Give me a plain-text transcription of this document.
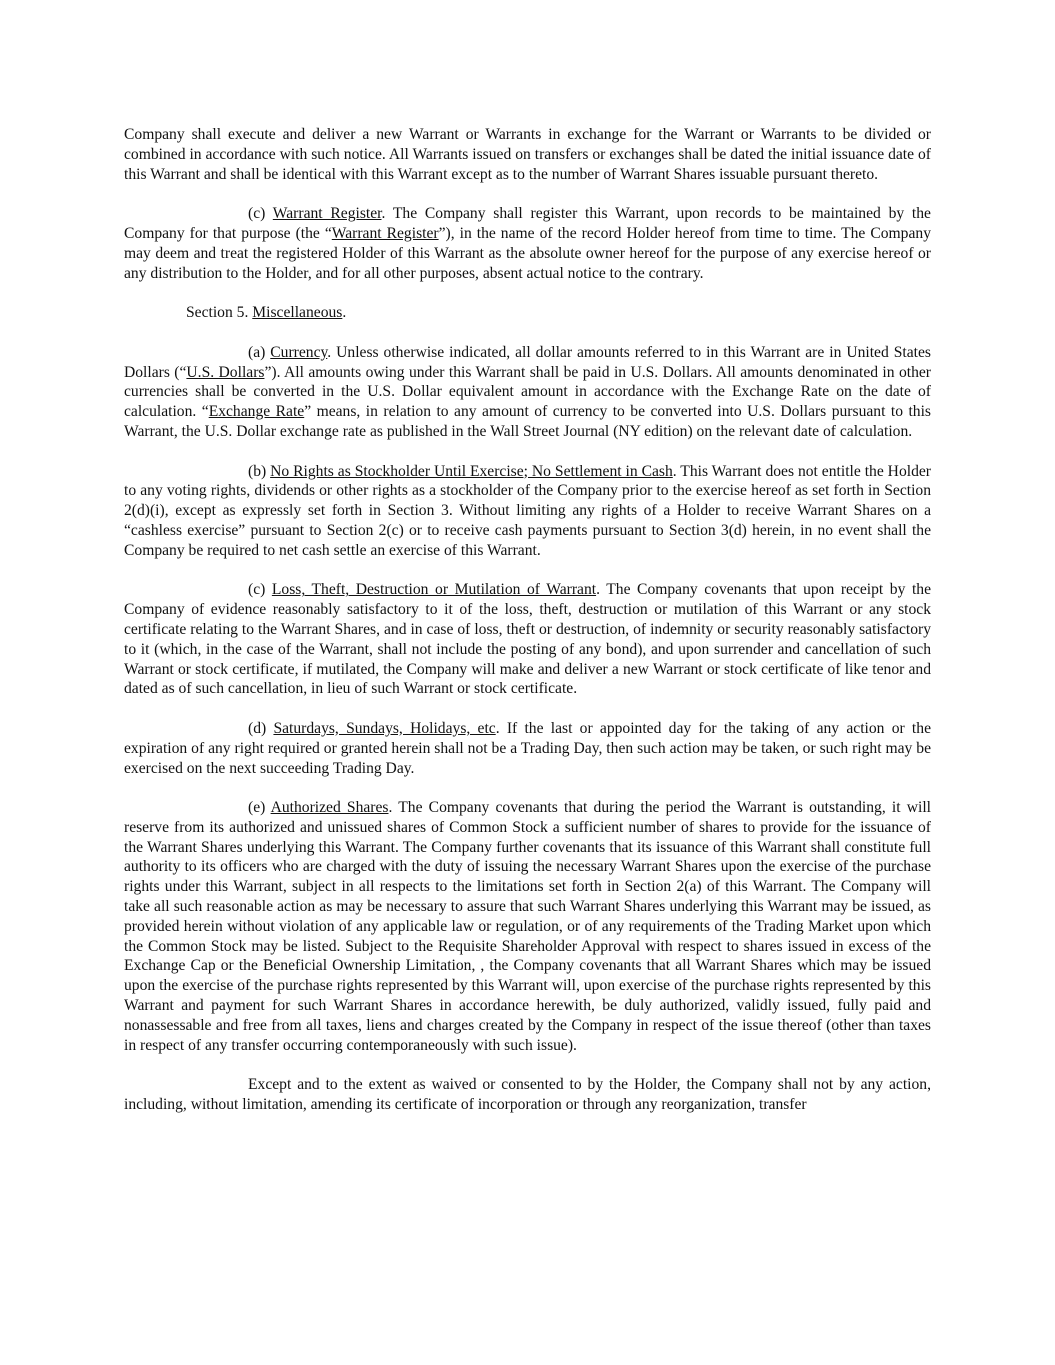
Company shall execute and deliver a new Warrant or Warrants in exchange for the Warrant or Warrants to be divided or combined in accordance with such notice. All Warrants issued on transfers or exchanges shall be dated the initial issuance date of this Warrant and shall be identical with this Warrant except as to the number of Warrant Shares issuable pursuant thereto.

(c) Warrant Register. The Company shall register this Warrant, upon records to be maintained by the Company for that purpose (the “Warrant Register”), in the name of the record Holder hereof from time to time. The Company may deem and treat the registered Holder of this Warrant as the absolute owner hereof for the purpose of any exercise hereof or any distribution to the Holder, and for all other purposes, absent actual notice to the contrary.

Section 5. Miscellaneous.

(a) Currency. Unless otherwise indicated, all dollar amounts referred to in this Warrant are in United States Dollars (“U.S. Dollars”). All amounts owing under this Warrant shall be paid in U.S. Dollars. All amounts denominated in other currencies shall be converted in the U.S. Dollar equivalent amount in accordance with the Exchange Rate on the date of calculation. “Exchange Rate” means, in relation to any amount of currency to be converted into U.S. Dollars pursuant to this Warrant, the U.S. Dollar exchange rate as published in the Wall Street Journal (NY edition) on the relevant date of calculation.

(b) No Rights as Stockholder Until Exercise; No Settlement in Cash. This Warrant does not entitle the Holder to any voting rights, dividends or other rights as a stockholder of the Company prior to the exercise hereof as set forth in Section 2(d)(i), except as expressly set forth in Section 3. Without limiting any rights of a Holder to receive Warrant Shares on a “cashless exercise” pursuant to Section 2(c) or to receive cash payments pursuant to Section 3(d) herein, in no event shall the Company be required to net cash settle an exercise of this Warrant.

(c) Loss, Theft, Destruction or Mutilation of Warrant. The Company covenants that upon receipt by the Company of evidence reasonably satisfactory to it of the loss, theft, destruction or mutilation of this Warrant or any stock certificate relating to the Warrant Shares, and in case of loss, theft or destruction, of indemnity or security reasonably satisfactory to it (which, in the case of the Warrant, shall not include the posting of any bond), and upon surrender and cancellation of such Warrant or stock certificate, if mutilated, the Company will make and deliver a new Warrant or stock certificate of like tenor and dated as of such cancellation, in lieu of such Warrant or stock certificate.

(d) Saturdays, Sundays, Holidays, etc. If the last or appointed day for the taking of any action or the expiration of any right required or granted herein shall not be a Trading Day, then such action may be taken, or such right may be exercised on the next succeeding Trading Day.

(e) Authorized Shares. The Company covenants that during the period the Warrant is outstanding, it will reserve from its authorized and unissued shares of Common Stock a sufficient number of shares to provide for the issuance of the Warrant Shares underlying this Warrant. The Company further covenants that its issuance of this Warrant shall constitute full authority to its officers who are charged with the duty of issuing the necessary Warrant Shares upon the exercise of the purchase rights under this Warrant, subject in all respects to the limitations set forth in Section 2(a) of this Warrant. The Company will take all such reasonable action as may be necessary to assure that such Warrant Shares underlying this Warrant may be issued, as provided herein without violation of any applicable law or regulation, or of any requirements of the Trading Market upon which the Common Stock may be listed. Subject to the Requisite Shareholder Approval with respect to shares issued in excess of the Exchange Cap or the Beneficial Ownership Limitation, , the Company covenants that all Warrant Shares which may be issued upon the exercise of the purchase rights represented by this Warrant will, upon exercise of the purchase rights represented by this Warrant and payment for such Warrant Shares in accordance herewith, be duly authorized, validly issued, fully paid and nonassessable and free from all taxes, liens and charges created by the Company in respect of the issue thereof (other than taxes in respect of any transfer occurring contemporaneously with such issue).

Except and to the extent as waived or consented to by the Holder, the Company shall not by any action, including, without limitation, amending its certificate of incorporation or through any reorganization, transfer
